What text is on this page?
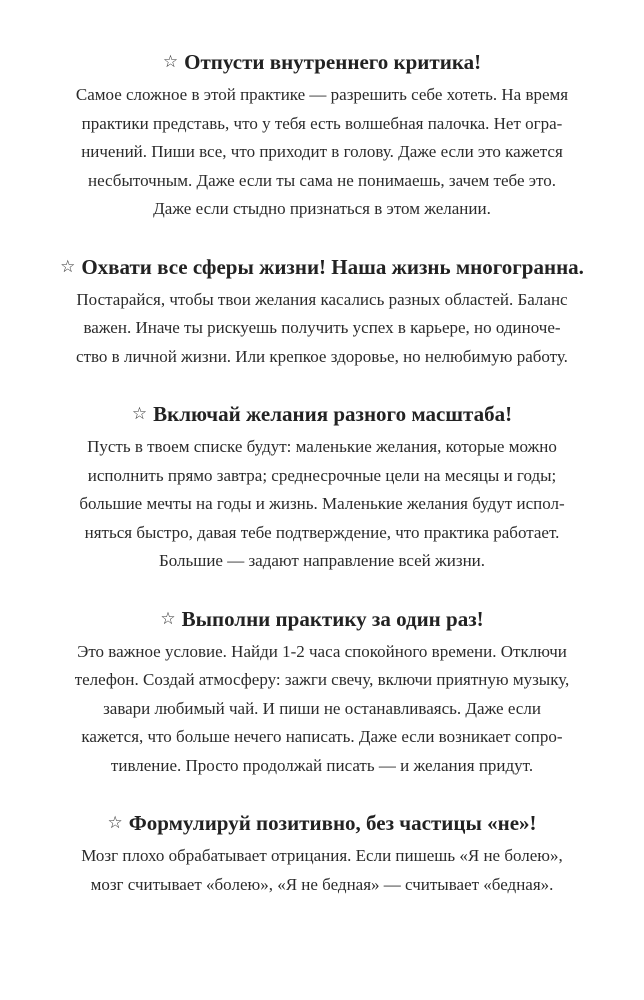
☆ Отпусти внутреннего критика!
Самое сложное в этой практике — разрешить себе хотеть. На время
практики представь, что у тебя есть волшебная палочка. Нет огра-
ничений. Пиши все, что приходит в голову. Даже если это кажется
несбыточным. Даже если ты сама не понимаешь, зачем тебе это.
Даже если стыдно признаться в этом желании.
☆ Охвати все сферы жизни! Наша жизнь многогранна.
Постарайся, чтобы твои желания касались разных областей. Баланс
важен. Иначе ты рискуешь получить успех в карьере, но одиноче-
ство в личной жизни. Или крепкое здоровье, но нелюбимую работу.
☆ Включай желания разного масштаба!
Пусть в твоем списке будут: маленькие желания, которые можно
исполнить прямо завтра; среднесрочные цели на месяцы и годы;
большие мечты на годы и жизнь. Маленькие желания будут испол-
няться быстро, давая тебе подтверждение, что практика работает.
Большие — задают направление всей жизни.
☆ Выполни практику за один раз!
Это важное условие. Найди 1-2 часа спокойного времени. Отключи
телефон. Создай атмосферу: зажги свечу, включи приятную музыку,
завари любимый чай. И пиши не останавливаясь. Даже если
кажется, что больше нечего написать. Даже если возникает сопро-
тивление. Просто продолжай писать — и желания придут.
☆ Формулируй позитивно, без частицы «не»!
Мозг плохо обрабатывает отрицания. Если пишешь «Я не болею»,
мозг считывает «болею», «Я не бедная» — считывает «бедная».
